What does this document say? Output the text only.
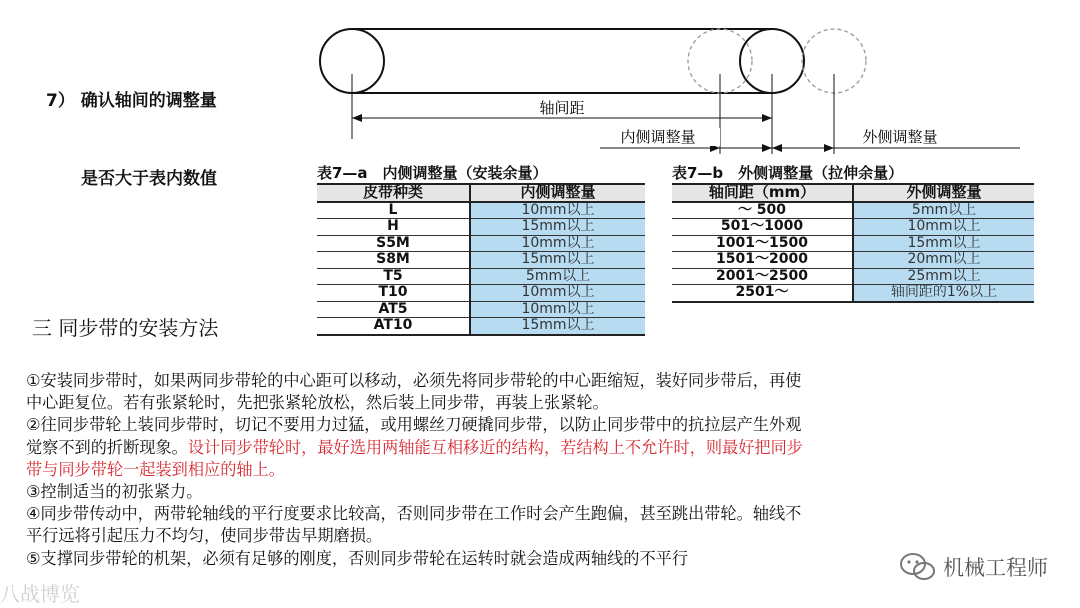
7） 确认轴间的调整量

是否大于表内数值

轴间距
内侧调整量	外侧调整量
表7—a　内侧调整量（安装余量）
皮带种类	内侧调整量
L	10mm以上
H	15mm以上
S5M	10mm以上
S8M	15mm以上
T5	5mm以上
T10	10mm以上
AT5	10mm以上
AT10	15mm以上
表7—b　外侧调整量（拉伸余量）
轴间距（mm）	外侧调整量
～ 500	5mm以上
501～1000	10mm以上
1001～1500	15mm以上
1501～2000	20mm以上
2001～2500	25mm以上
2501～	轴间距的1%以上
三 同步带的安装方法

①安装同步带时，如果两同步带轮的中心距可以移动，必须先将同步带轮的中心距缩短，装好同步带后，再使

中心距复位。若有张紧轮时，先把张紧轮放松，然后装上同步带，再装上张紧轮。

②往同步带轮上装同步带时，切记不要用力过猛，或用螺丝刀硬撬同步带，以防止同步带中的抗拉层产生外观

觉察不到的折断现象。设计同步带轮时，最好选用两轴能互相移近的结构，若结构上不允许时，则最好把同步

带与同步带轮一起装到相应的轴上。

③控制适当的初张紧力。

④同步带传动中，两带轮轴线的平行度要求比较高，否则同步带在工作时会产生跑偏，甚至跳出带轮。轴线不

平行远将引起压力不均匀，使同步带齿早期磨损。

⑤支撑同步带轮的机架，必须有足够的刚度，否则同步带轮在运转时就会造成两轴线的不平行	机械工程师
八战博览
